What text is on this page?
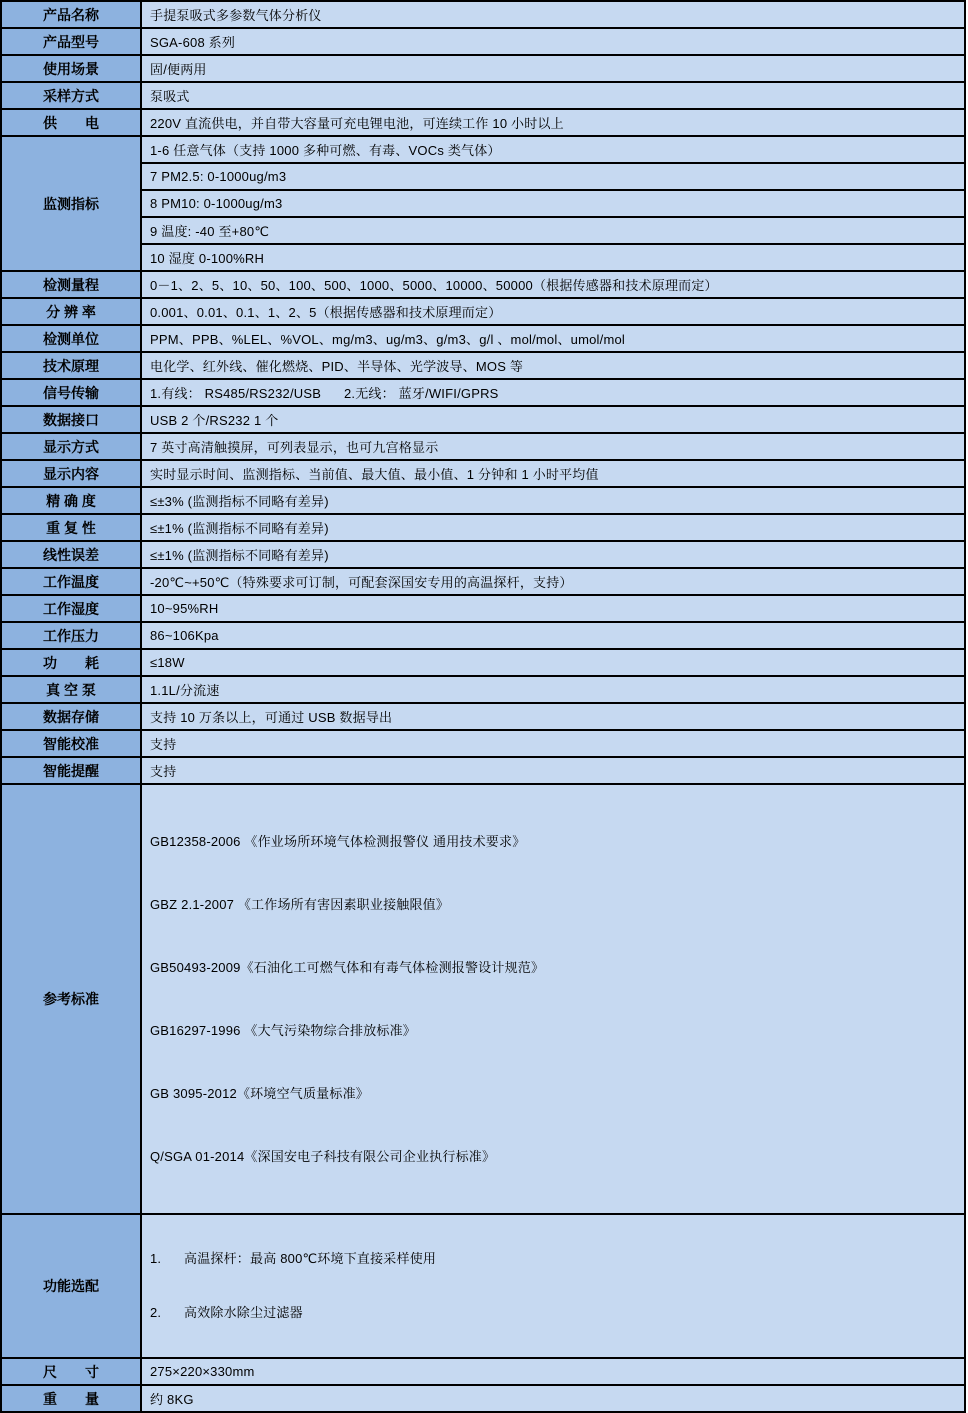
产品名称	手提泵吸式多参数气体分析仪
产品型号	SGA-608 系列
使用场景	固/便两用
采样方式	泵吸式
供　　电	220V 直流供电，并自带大容量可充电锂电池，可连续工作 10 小时以上
监测指标	1-6 任意气体（支持 1000 多种可燃、有毒、VOCs 类气体）
	7 PM2.5: 0-1000ug/m3
	8 PM10: 0-1000ug/m3
	9 温度: -40 至+80℃
	10 湿度 0-100%RH
检测量程	0－1、2、5、10、50、100、500、1000、5000、10000、50000（根据传感器和技术原理而定）
分 辨 率	0.001、0.01、0.1、1、2、5（根据传感器和技术原理而定）
检测单位	PPM、PPB、%LEL、%VOL、mg/m3、ug/m3、g/m3、g/l 、mol/mol、umol/mol
技术原理	电化学、红外线、催化燃烧、PID、半导体、光学波导、MOS 等
信号传输	1.有线： RS485/RS232/USB      2.无线： 蓝牙/WIFI/GPRS
数据接口	USB 2 个/RS232 1 个
显示方式	7 英寸高清触摸屏，可列表显示，也可九宫格显示
显示内容	实时显示时间、监测指标、当前值、最大值、最小值、1 分钟和 1 小时平均值
精 确 度	≤±3% (监测指标不同略有差异)
重 复 性	≤±1% (监测指标不同略有差异)
线性误差	≤±1% (监测指标不同略有差异)
工作温度	-20℃~+50℃（特殊要求可订制，可配套深国安专用的高温探杆，支持）
工作湿度	10~95%RH
工作压力	86~106Kpa
功　　耗	≤18W
真 空 泵	1.1L/分流速
数据存储	支持 10 万条以上，可通过 USB 数据导出
智能校准	支持
智能提醒	支持
参考标准	

GB12358-2006 《作业场所环境气体检测报警仪 通用技术要求》

GBZ 2.1-2007 《工作场所有害因素职业接触限值》

GB50493-2009《石油化工可燃气体和有毒气体检测报警设计规范》

GB16297-1996 《大气污染物综合排放标准》

GB 3095-2012《环境空气质量标准》

Q/SGA 01-2014《深国安电子科技有限公司企业执行标准》

功能选配	1. 高温探杆：最高 800℃环境下直接采样使用

2. 高效除水除尘过滤器

尺　　寸	275×220×330mm
重　　量	约 8KG
